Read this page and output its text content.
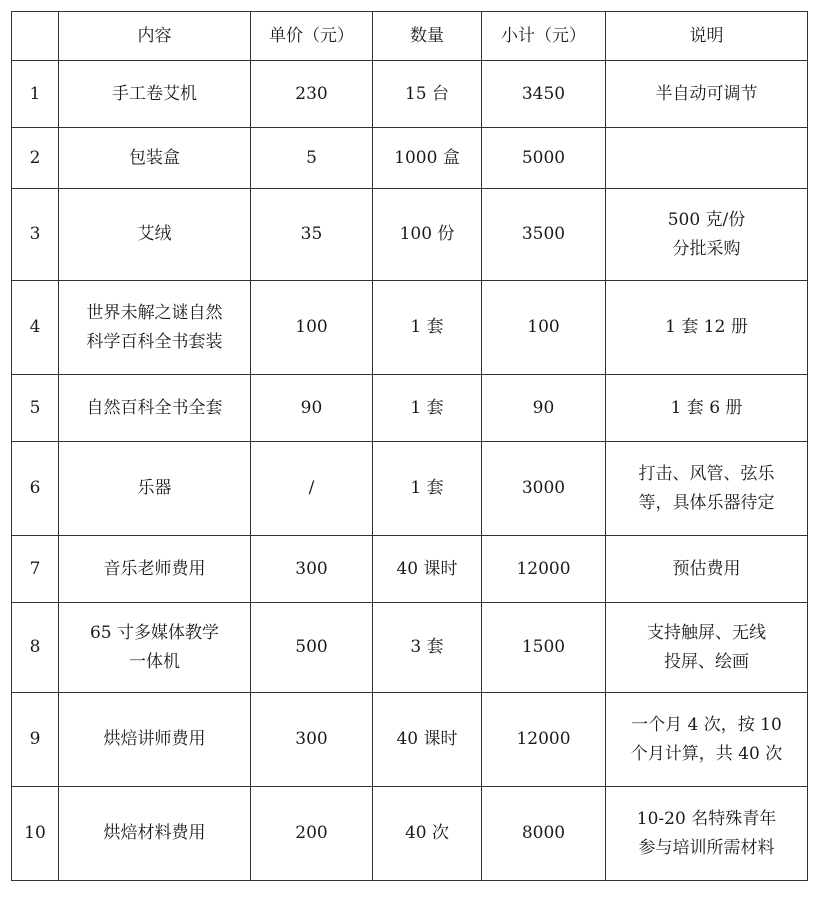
	内容	单价（元）	数量	小计（元）	说明
1	手工卷艾机	230	15 台	3450	半自动可调节
2	包装盒	5	1000 盒	5000	
3	艾绒	35	100 份	3500	500 克/份
分批采购
4	世界未解之谜自然
科学百科全书套装	100	1 套	100	1 套 12 册
5	自然百科全书全套	90	1 套	90	1 套 6 册
6	乐器	/	1 套	3000	打击、风管、弦乐
等，具体乐器待定
7	音乐老师费用	300	40 课时	12000	预估费用
8	65 寸多媒体教学
一体机	500	3 套	1500	支持触屏、无线
投屏、绘画
9	烘焙讲师费用	300	40 课时	12000	一个月 4 次，按 10
个月计算，共 40 次
10	烘焙材料费用	200	40 次	8000	10-20 名特殊青年
参与培训所需材料
